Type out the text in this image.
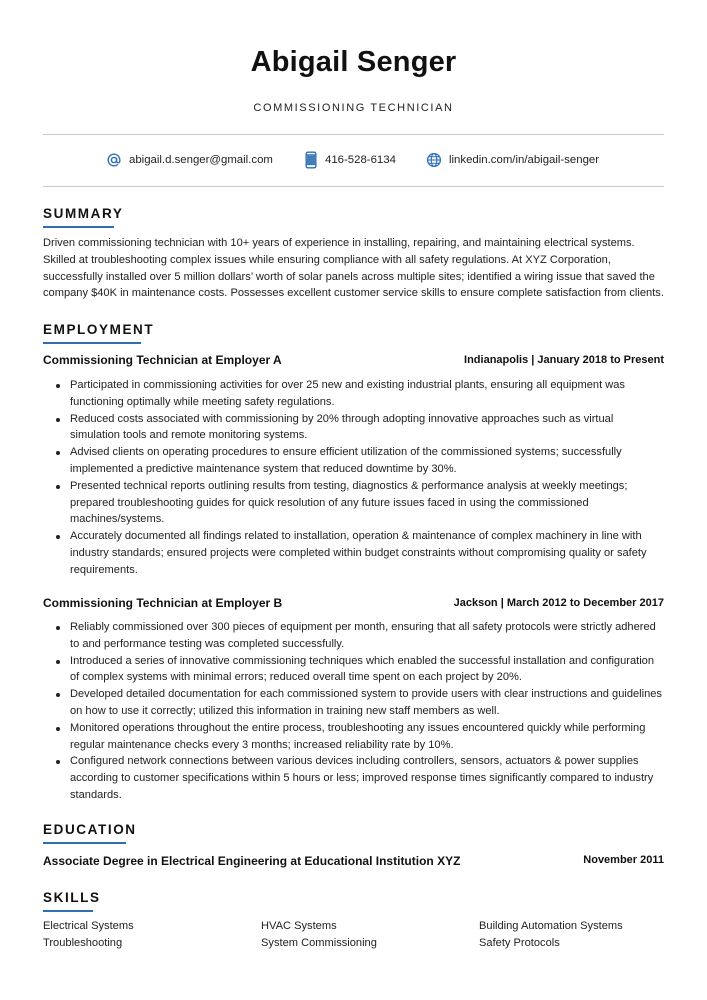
Abigail Senger
COMMISSIONING TECHNICIAN
abigail.d.senger@gmail.com	416-528-6134	linkedin.com/in/abigail-senger
SUMMARY

Driven commissioning technician with 10+ years of experience in installing, repairing, and maintaining electrical systems. Skilled at troubleshooting complex issues while ensuring compliance with all safety regulations. At XYZ Corporation, successfully installed over 5 million dollars’ worth of solar panels across multiple sites; identified a wiring issue that saved the company $40K in maintenance costs. Possesses excellent customer service skills to ensure complete satisfaction from clients.

EMPLOYMENT
Commissioning Technician at Employer A	Indianapolis | January 2018 to Present
Participated in commissioning activities for over 25 new and existing industrial plants, ensuring all equipment was functioning optimally while meeting safety regulations.
Reduced costs associated with commissioning by 20% through adopting innovative approaches such as virtual simulation tools and remote monitoring systems.
Advised clients on operating procedures to ensure efficient utilization of the commissioned systems; successfully implemented a predictive maintenance system that reduced downtime by 30%.
Presented technical reports outlining results from testing, diagnostics & performance analysis at weekly meetings; prepared troubleshooting guides for quick resolution of any future issues faced in using the commissioned machines/systems.
Accurately documented all findings related to installation, operation & maintenance of complex machinery in line with industry standards; ensured projects were completed within budget constraints without compromising quality or safety requirements.
Commissioning Technician at Employer B	Jackson | March 2012 to December 2017
Reliably commissioned over 300 pieces of equipment per month, ensuring that all safety protocols were strictly adhered to and performance testing was completed successfully.
Introduced a series of innovative commissioning techniques which enabled the successful installation and configuration of complex systems with minimal errors; reduced overall time spent on each project by 20%.
Developed detailed documentation for each commissioned system to provide users with clear instructions and guidelines on how to use it correctly; utilized this information in training new staff members as well.
Monitored operations throughout the entire process, troubleshooting any issues encountered quickly while performing regular maintenance checks every 3 months; increased reliability rate by 10%.
Configured network connections between various devices including controllers, sensors, actuators & power supplies according to customer specifications within 5 hours or less; improved response times significantly compared to industry standards.
EDUCATION
Associate Degree in Electrical Engineering at Educational Institution XYZ	November 2011
SKILLS
Electrical Systems	HVAC Systems	Building Automation Systems
Troubleshooting	System Commissioning	Safety Protocols
